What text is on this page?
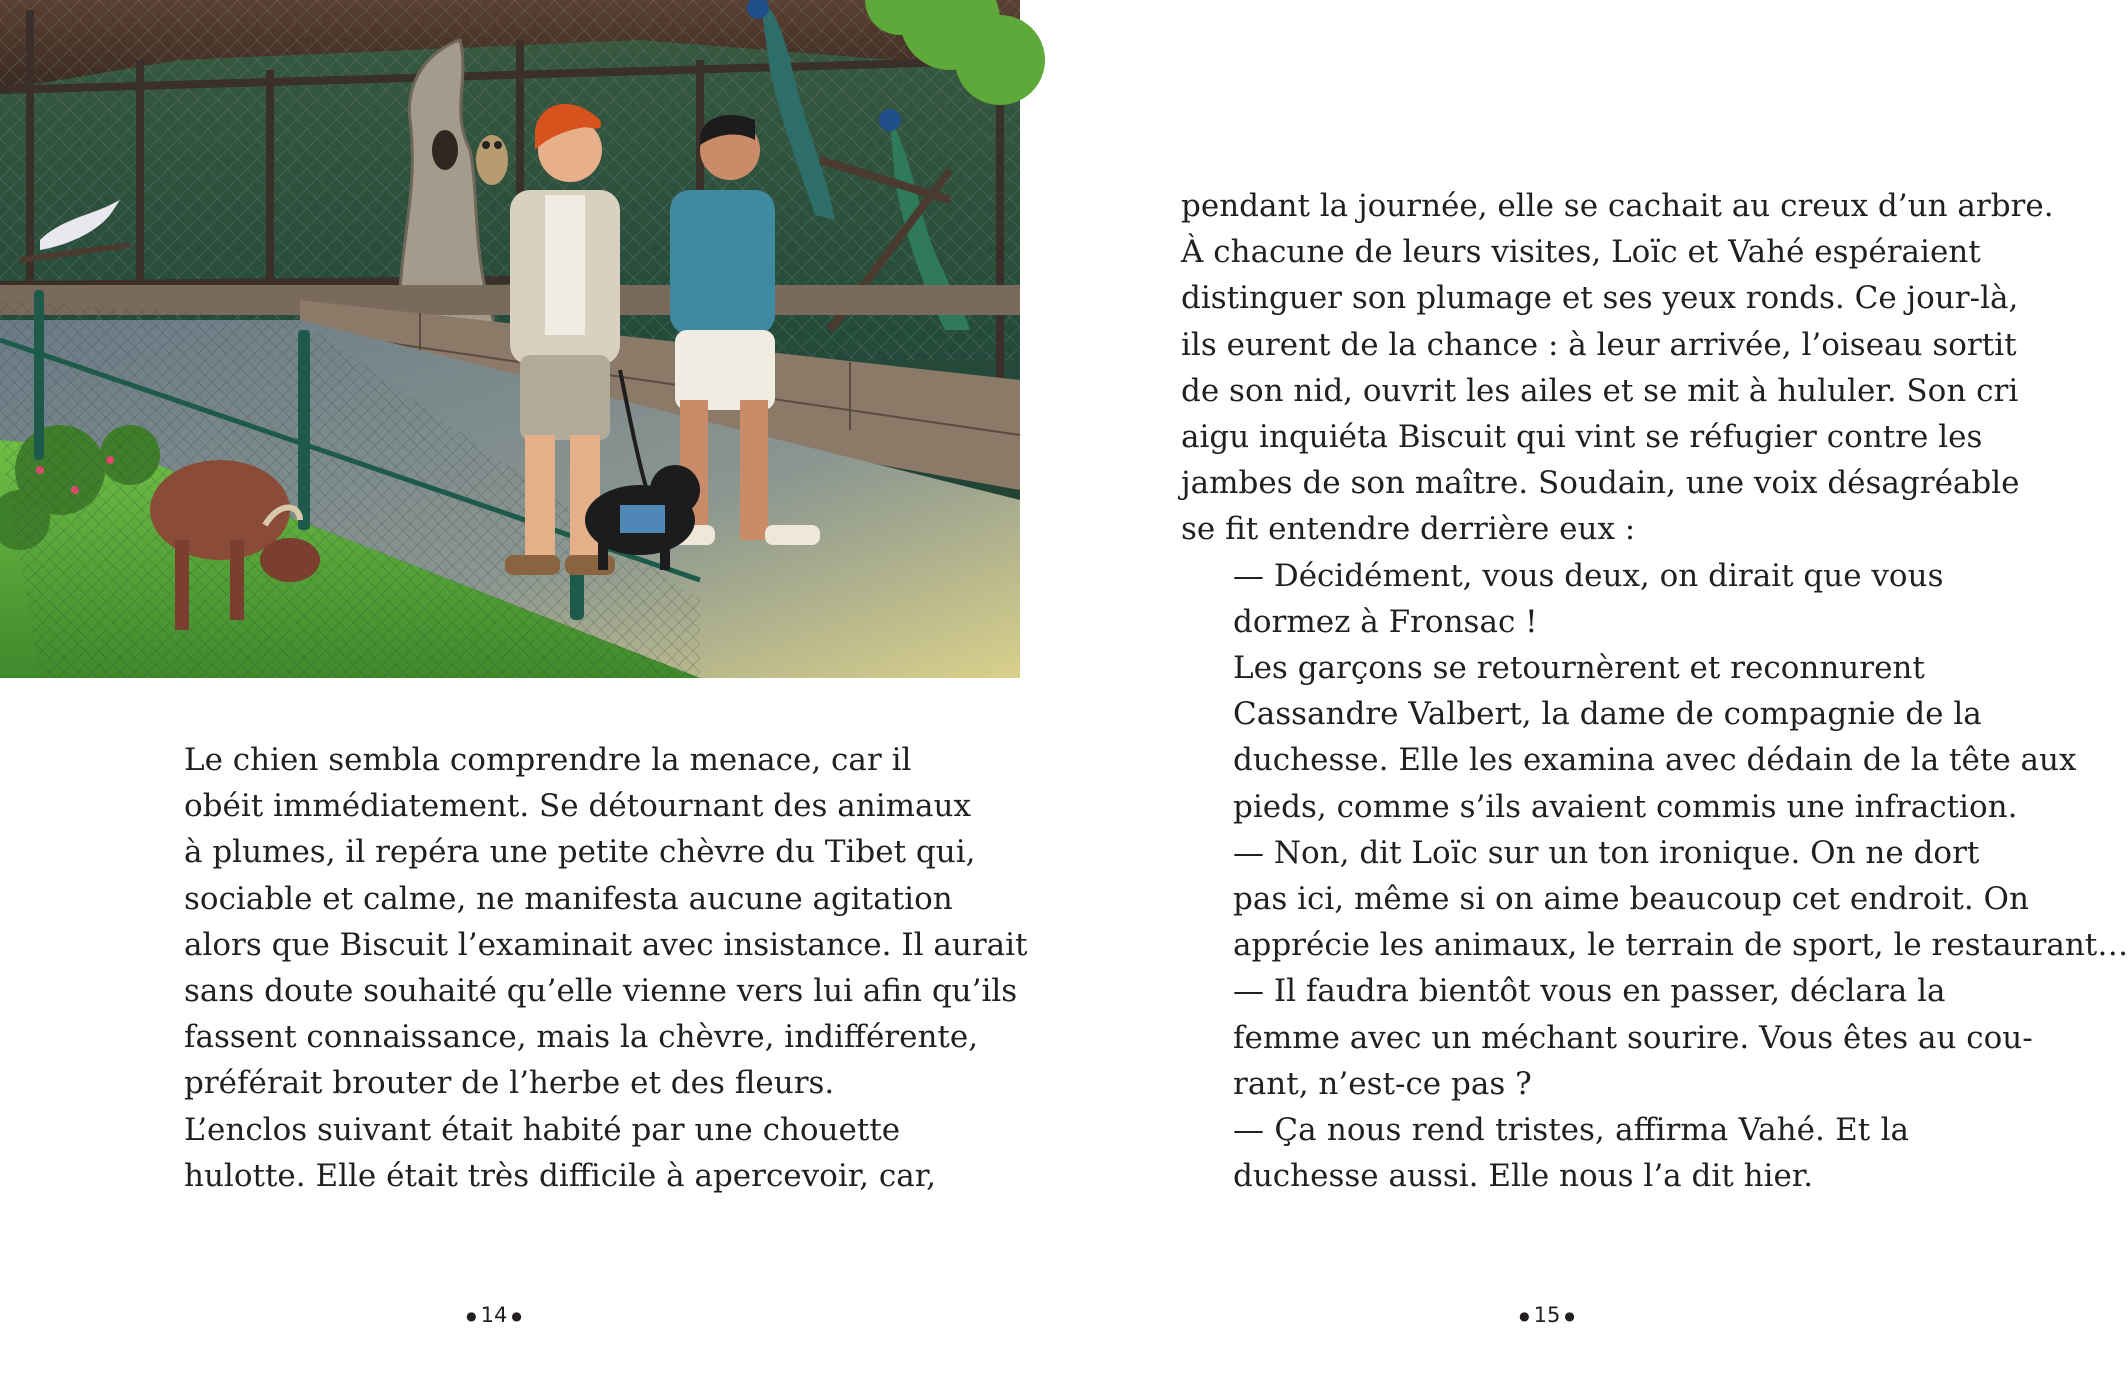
Le chien sembla comprendre la menace, car il
obéit immédiatement. Se détournant des animaux
à plumes, il repéra une petite chèvre du Tibet qui,
sociable et calme, ne manifesta aucune agitation
alors que Biscuit l’examinait avec insistance. Il aurait
sans doute souhaité qu’elle vienne vers lui afin qu’ils
fassent connaissance, mais la chèvre, indifférente,
préférait brouter de l’herbe et des fleurs.

L’enclos suivant était habité par une chouette
hulotte. Elle était très difficile à apercevoir, car,

● 14 ●

pendant la journée, elle se cachait au creux d’un arbre.
À chacune de leurs visites, Loïc et Vahé espéraient
distinguer son plumage et ses yeux ronds. Ce jour-là,
ils eurent de la chance : à leur arrivée, l’oiseau sortit
de son nid, ouvrit les ailes et se mit à hululer. Son cri
aigu inquiéta Biscuit qui vint se réfugier contre les
jambes de son maître. Soudain, une voix désagréable
se fit entendre derrière eux :

— Décidément, vous deux, on dirait que vous
dormez à Fronsac !

Les garçons se retournèrent et reconnurent
Cassandre Valbert, la dame de compagnie de la
duchesse. Elle les examina avec dédain de la tête aux
pieds, comme s’ils avaient commis une infraction.

— Non, dit Loïc sur un ton ironique. On ne dort
pas ici, même si on aime beaucoup cet endroit. On
apprécie les animaux, le terrain de sport, le restaurant…

— Il faudra bientôt vous en passer, déclara la
femme avec un méchant sourire. Vous êtes au cou-
rant, n’est-ce pas ?

— Ça nous rend tristes, affirma Vahé. Et la
duchesse aussi. Elle nous l’a dit hier.

● 15 ●
